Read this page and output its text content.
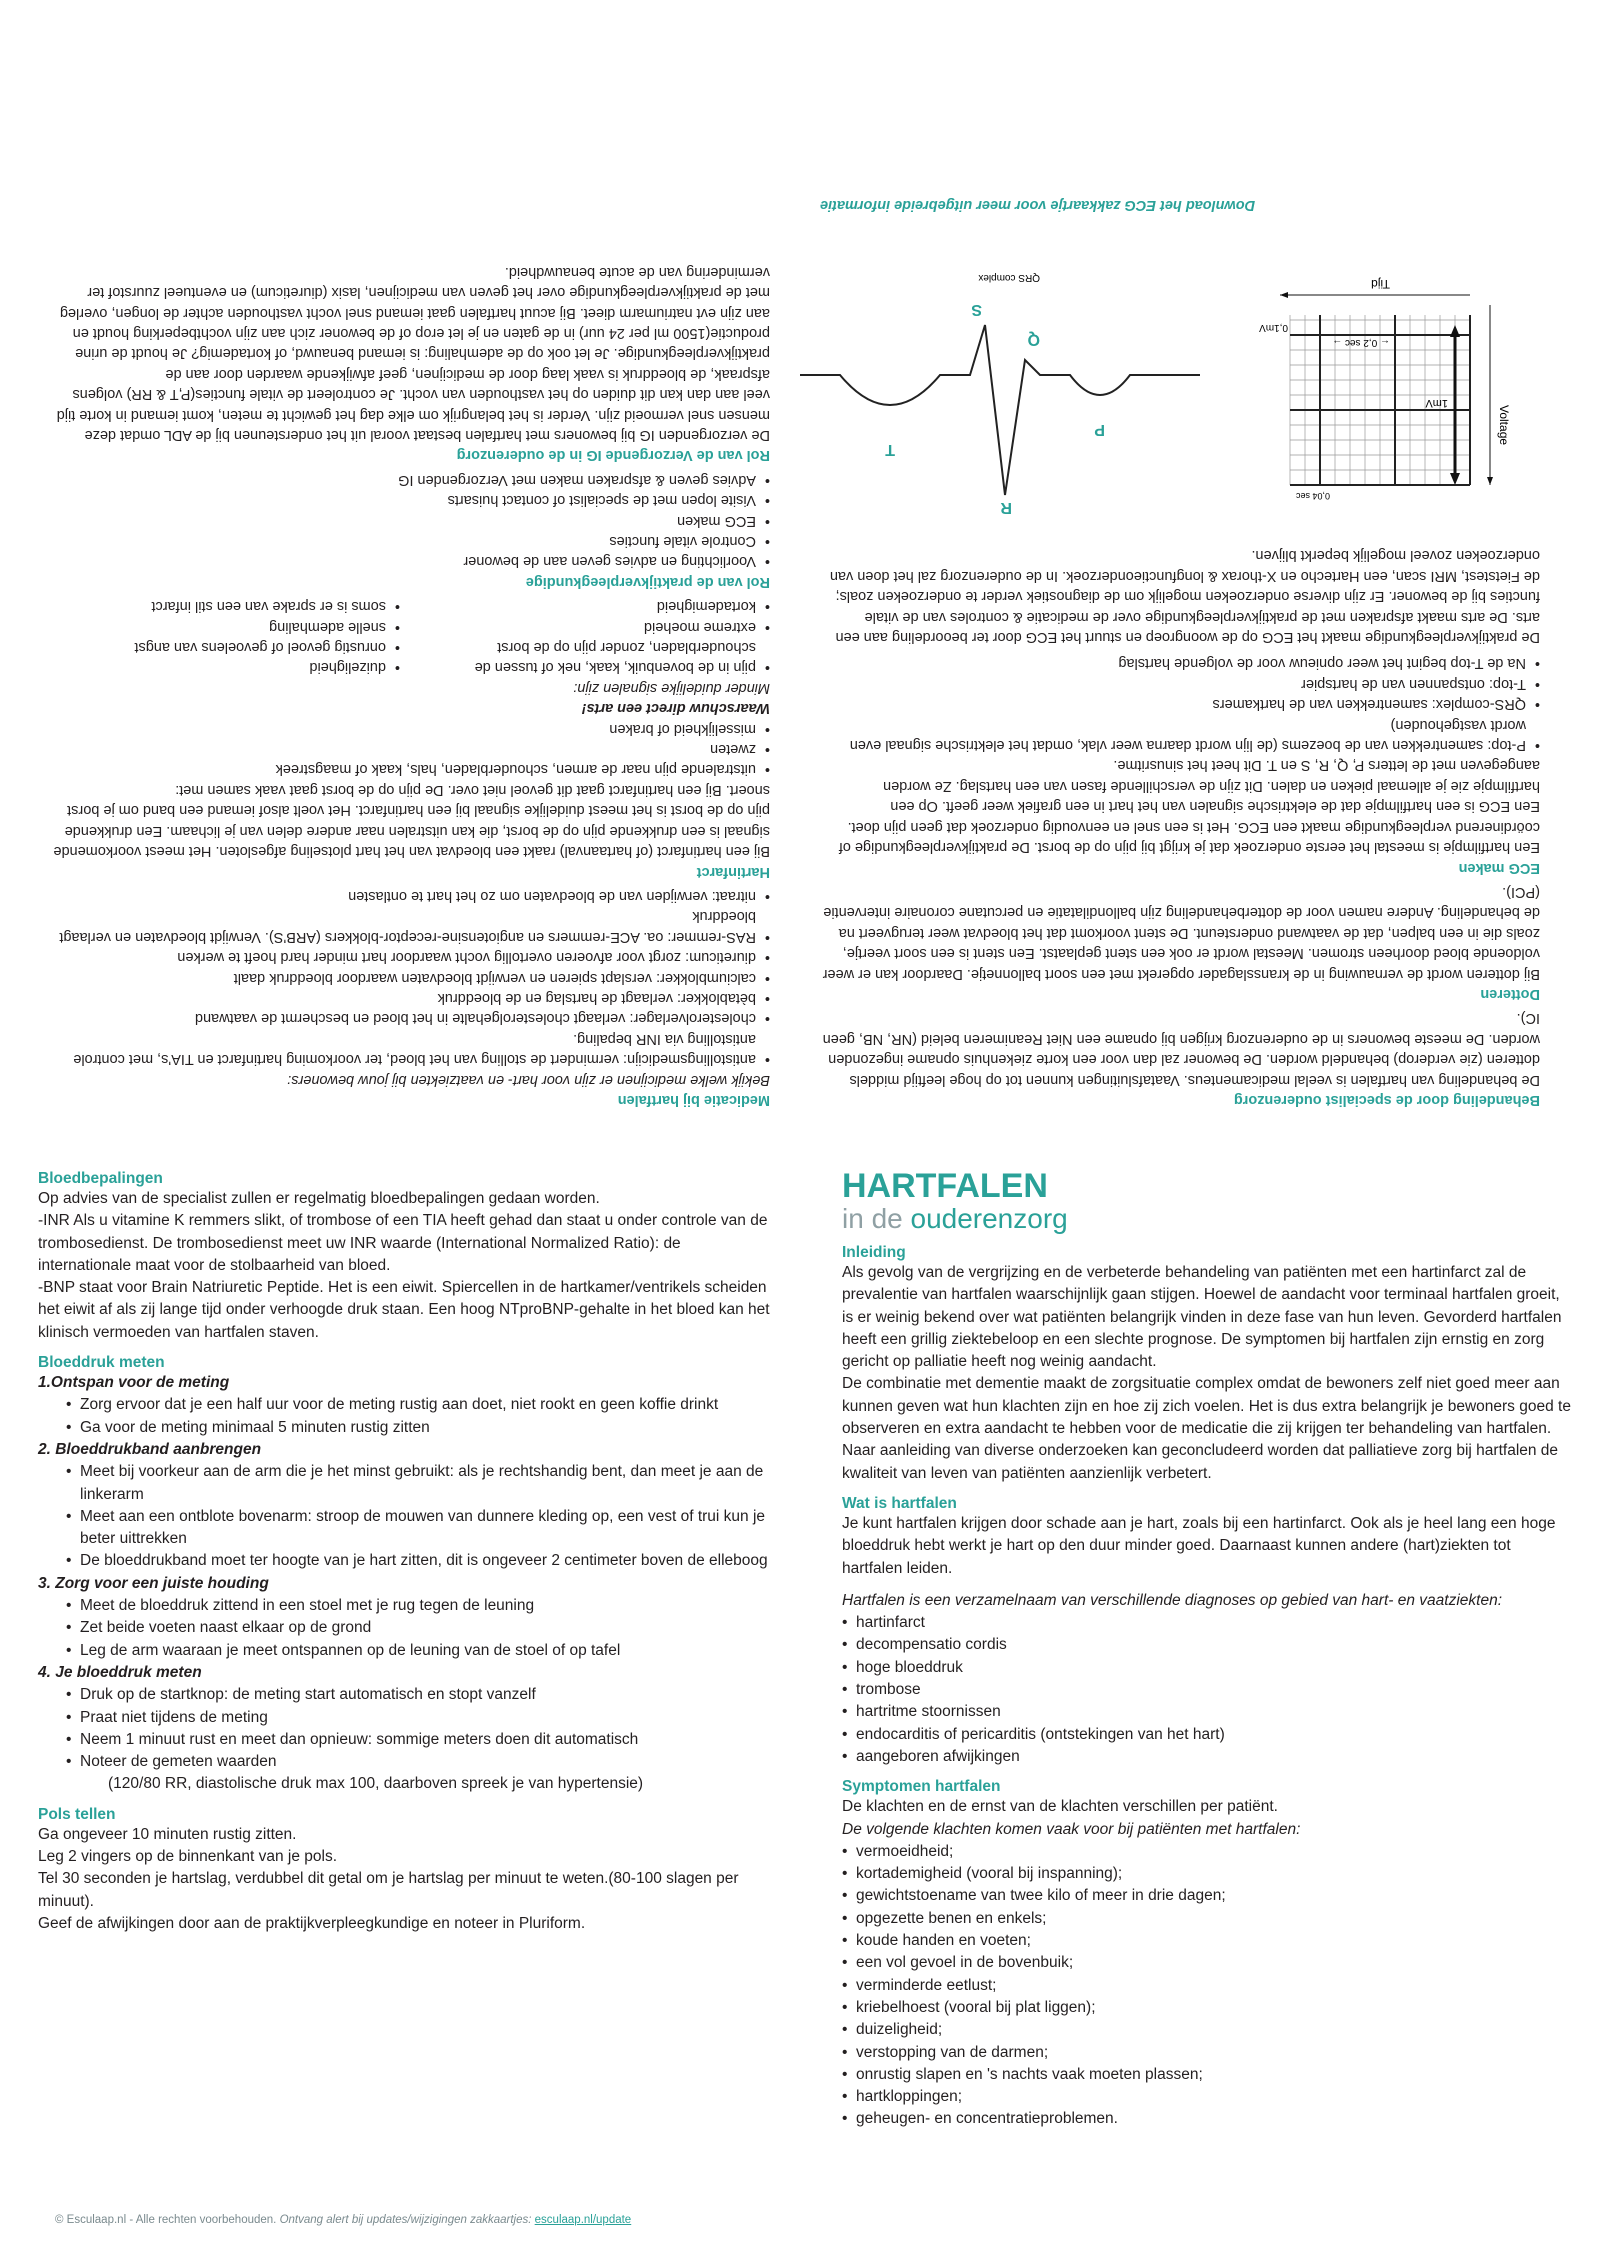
Medicatie bij hartfalen

Bekijk welke medicijnen er zijn voor hart- en vaatziekten bij jouw bewoners:

• antistollingsmedicijn: vermindert de stolling van het bloed, ter voorkoming hartinfarct en TIA's, met controle antistolling via INR bepaling.
• cholesterolverlager: verlaagt cholesterolgehalte in het bloed en beschermt de vaatwand
• bètablokker: verlaagt de hartslag en de bloeddruk
• calciumblokker: verslapt spieren en verwijdt bloedvaten waardoor bloeddruk daalt
• diureticum: zorgt voor afvoeren overtollig vocht waardoor hart minder hard hoeft te werken
• RAS-remmer: oa. ACE-remmers en angiotensine-receptor-blokkers (ARB'S). Verwijdt bloedvaten en verlaagt bloeddruk
• nitraat: verwijden van de bloedvaten om zo het hart te ontlasten

Hartinfarct

Bij een hartinfarct (of hartaanval) raakt een bloedvat van het hart plotseling afgesloten. Het meest voorkomende signaal is een drukkende pijn op de borst, die kan uitstralen naar andere delen van je lichaam. Een drukkende pijn op de borst is het meest duidelijke signaal bij een hartinfarct. Het voelt alsof iemand een band om je borst snoert. Bij een hartinfarct gaat dit gevoel niet over. De pijn op de borst gaat vaak samen met:

• uitstralende pijn naar de armen, schouderbladen, hals, kaak of maagstreek
• zweten
• misselijkheid of braken

Waarschuw direct een arts!

Minder duidelijke signalen zijn:

• pijn in de bovenbuik, kaak, nek of tussen de schouderbladen, zonder pijn op de borst
• extreme moeheid
• kortademigheid
• duizeligheid
• onrustig gevoel of gevoelens van angst
• snelle ademhaling
• soms is er sprake van een stil infarct

Rol van de praktijkverpleegkundige

• Voorlichting en advies geven aan de bewoner
• Controle vitale functies
• ECG maken
• Visite lopen met de specialist of contact huisarts
• Advies geven & afspraken maken met Verzorgenden IG

Rol van de Verzorgende IG in de ouderenzorg

De verzorgenden IG bij bewoners met hartfalen bestaat vooral uit het ondersteunen bij de ADL omdat deze mensen snel vermoeid zijn. Verder is het belangrijk om elke dag het gewicht te meten, komt iemand in korte tijd veel aan dan kan dit duiden op het vasthouden van vocht. Je controleert de vitale functies(P,T & RR) volgens afspraak, de bloeddruk is vaak laag door de medicijnen, geef afwijkende waarden door aan de praktijkverpleegkundige. Je let ook op de ademhaling: is iemand benauwd, of kortademig? Je houdt de urine productie(1500 ml per 24 uur) in de gaten en je let erop of de bewoner zich aan zijn vochtbeperking houdt en aan zijn evt natriumarm dieet. Bij acuut hartfalen gaat iemand snel vocht vasthouden achter de longen, overleg met de praktijkverpleegkundige over het geven van medicijnen, lasix (diureticum) en eventueel zuurstof ter vermindering van de acute benauwdheid.

Behandeling door de specialist ouderenzorg

De behandeling van hartfalen is veelal medicamenteus. Vaatafsluitingen kunnen tot op hoge leeftijd middels dotteren (zie verderop) behandeld worden. De bewoner zal dan voor een korte ziekenhuis opname ingezonden worden. De meeste bewoners in de ouderenzorg krijgen bij opname een Niet Reanimeren beleid (NR, NB, geen IC).

Dotteren

Bij dotteren wordt de vernauwing in de kransslagader opgerekt met een soort ballonnetje. Daardoor kan er weer voldoende bloed doorheen stromen. Meestal wordt er ook een stent geplaatst. Een stent is een soort veertje, zoals die in een balpen, dat de vaatwand ondersteunt. De stent voorkomt dat het bloedvat weer terugveert na de behandeling. Andere namen voor de dotterbehandeling zijn ballondilatatie en percutane coronaire interventie (PCI).

ECG maken

Een hartfilmpje is meestal het eerste onderzoek dat je krijgt bij pijn op de borst. De praktijkverpleegkundige of coördinerend verpleegkundige maakt een ECG. Het is een snel en eenvoudig onderzoek dat geen pijn doet. Een ECG is een hartfilmpje dat de elektrische signalen van het hart in een grafiek weer geeft. Op een hartfilmpje zie je allemaal pieken en dalen. Dit zijn de verschillende fasen van een hartslag. Ze worden aangegeven met de letters P, Q, R, S en T. Dit heet het sinusritme.

• P-top: samentrekken van de boezems (de lijn wordt daarna weer vlak, omdat het elektrische signaal even wordt vastgehouden)
• QRS-complex: samentrekken van de hartkamers
• T-top: ontspannen van de hartspier
• Na de T-top begint het weer opnieuw voor de volgende hartslag

De praktijkverpleegkundige maakt het ECG op de woongroep en stuurt het ECG door ter beoordeling aan een arts. De arts maakt afspraken met de praktijkverpleegkundige over de medicatie & controles van de vitale functies bij de bewoner. Er zijn diverse onderzoeken mogelijk om de diagnostiek verder te onderzoeken zoals; de Fietstest, MRI scan, een Hartecho en X-thorax & longfunctieonderzoek. In de ouderenzorg zal het doen van onderzoeken zoveel mogelijk beperkt blijven.

Tijd
Voltage
1mV
0,1mV
← 0,2 sec →
0,04 sec
P
Q
R
S
T
QRS complex

Download het ECG zakkaartje voor meer uitgebreide informatie

Bloedbepalingen

Op advies van de specialist zullen er regelmatig bloedbepalingen gedaan worden.

-INR Als u vitamine K remmers slikt, of trombose of een TIA heeft gehad dan staat u onder controle van de trombosedienst. De trombosedienst meet uw INR waarde (International Normalized Ratio): de internationale maat voor de stolbaarheid van bloed.

-BNP staat voor Brain Natriuretic Peptide. Het is een eiwit. Spiercellen in de hartkamer/ventrikels scheiden het eiwit af als zij lange tijd onder verhoogde druk staan. Een hoog NTproBNP-gehalte in het bloed kan het klinisch vermoeden van hartfalen staven.

Bloeddruk meten

1.Ontspan voor de meting
• Zorg ervoor dat je een half uur voor de meting rustig aan doet, niet rookt en geen koffie drinkt
• Ga voor de meting minimaal 5 minuten rustig zitten
2. Bloeddrukband aanbrengen
• Meet bij voorkeur aan de arm die je het minst gebruikt: als je rechtshandig bent, dan meet je aan de linkerarm
• Meet aan een ontblote bovenarm: stroop de mouwen van dunnere kleding op, een vest of trui kun je beter uittrekken
• De bloeddrukband moet ter hoogte van je hart zitten, dit is ongeveer 2 centimeter boven de elleboog
3. Zorg voor een juiste houding
• Meet de bloeddruk zittend in een stoel met je rug tegen de leuning
• Zet beide voeten naast elkaar op de grond
• Leg de arm waaraan je meet ontspannen op de leuning van de stoel of op tafel
4. Je bloeddruk meten
• Druk op de startknop: de meting start automatisch en stopt vanzelf
• Praat niet tijdens de meting
• Neem 1 minuut rust en meet dan opnieuw: sommige meters doen dit automatisch
• Noteer de gemeten waarden

(120/80 RR, diastolische druk max 100, daarboven spreek je van hypertensie)

Pols tellen

Ga ongeveer 10 minuten rustig zitten.

Leg 2 vingers op de binnenkant van je pols.

Tel 30 seconden je hartslag, verdubbel dit getal om je hartslag per minuut te weten.(80-100 slagen per minuut).

Geef de afwijkingen door aan de praktijkverpleegkundige en noteer in Pluriform.

HARTFALEN

in de ouderenzorg

Inleiding

Als gevolg van de vergrijzing en de verbeterde behandeling van patiënten met een hartinfarct zal de prevalentie van hartfalen waarschijnlijk gaan stijgen. Hoewel de aandacht voor terminaal hartfalen groeit, is er weinig bekend over wat patiënten belangrijk vinden in deze fase van hun leven. Gevorderd hartfalen heeft een grillig ziektebeloop en een slechte prognose. De symptomen bij hartfalen zijn ernstig en zorg gericht op palliatie heeft nog weinig aandacht.

De combinatie met dementie maakt de zorgsituatie complex omdat de bewoners zelf niet goed meer aan kunnen geven wat hun klachten zijn en hoe zij zich voelen. Het is dus extra belangrijk je bewoners goed te observeren en extra aandacht te hebben voor de medicatie die zij krijgen ter behandeling van hartfalen.

Naar aanleiding van diverse onderzoeken kan geconcludeerd worden dat palliatieve zorg bij hartfalen de kwaliteit van leven van patiënten aanzienlijk verbetert.

Wat is hartfalen

Je kunt hartfalen krijgen door schade aan je hart, zoals bij een hartinfarct. Ook als je heel lang een hoge bloeddruk hebt werkt je hart op den duur minder goed. Daarnaast kunnen andere (hart)ziekten tot hartfalen leiden.

Hartfalen is een verzamelnaam van verschillende diagnoses op gebied van hart- en vaatziekten:

• hartinfarct
• decompensatio cordis
• hoge bloeddruk
• trombose
• hartritme stoornissen
• endocarditis of pericarditis (ontstekingen van het hart)
• aangeboren afwijkingen

Symptomen hartfalen

De klachten en de ernst van de klachten verschillen per patiënt.

De volgende klachten komen vaak voor bij patiënten met hartfalen:

• vermoeidheid;
• kortademigheid (vooral bij inspanning);
• gewichtstoename van twee kilo of meer in drie dagen;
• opgezette benen en enkels;
• koude handen en voeten;
• een vol gevoel in de bovenbuik;
• verminderde eetlust;
• kriebelhoest (vooral bij plat liggen);
• duizeligheid;
• verstopping van de darmen;
• onrustig slapen en 's nachts vaak moeten plassen;
• hartkloppingen;
• geheugen- en concentratieproblemen.
© Esculaap.nl - Alle rechten voorbehouden. Ontvang alert bij updates/wijzigingen zakkaartjes: esculaap.nl/update
